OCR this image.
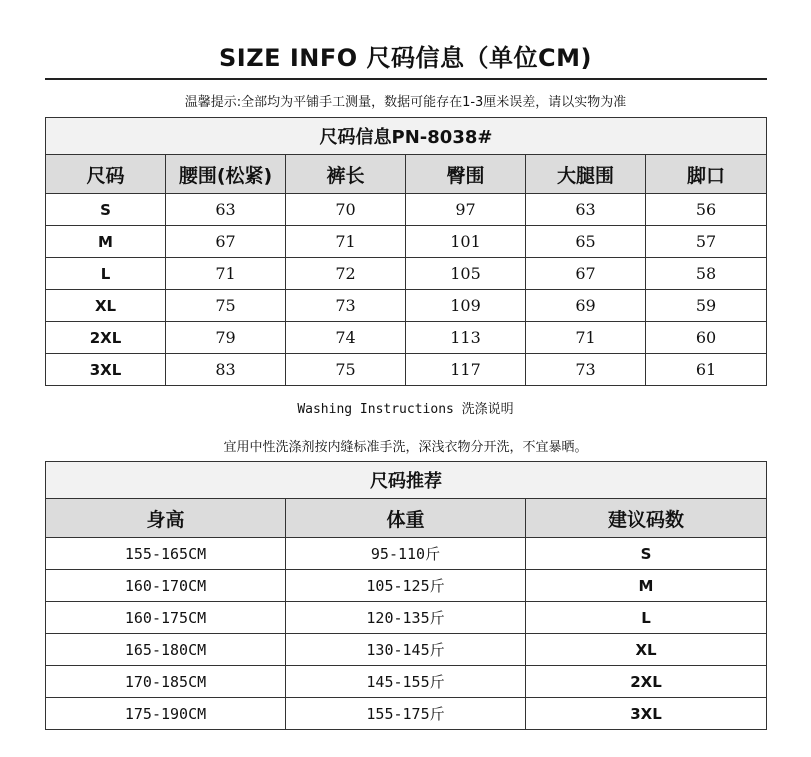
SIZE INFO 尺码信息（单位CM)
温馨提示:全部均为平铺手工测量，数据可能存在1-3厘米误差，请以实物为准
尺码信息PN-8038#					
尺码	腰围(松紧)	裤长	臀围	大腿围	脚口
S	63	70	97	63	56
M	67	71	101	65	57
L	71	72	105	67	58
XL	75	73	109	69	59
2XL	79	74	113	71	60
3XL	83	75	117	73	61
Washing Instructions 洗涤说明
宜用中性洗涤剂按内缝标准手洗，深浅衣物分开洗，不宜暴晒。
尺码推荐		
身高	体重	建议码数
155-165CM	95-110斤	S
160-170CM	105-125斤	M
160-175CM	120-135斤	L
165-180CM	130-145斤	XL
170-185CM	145-155斤	2XL
175-190CM	155-175斤	3XL
